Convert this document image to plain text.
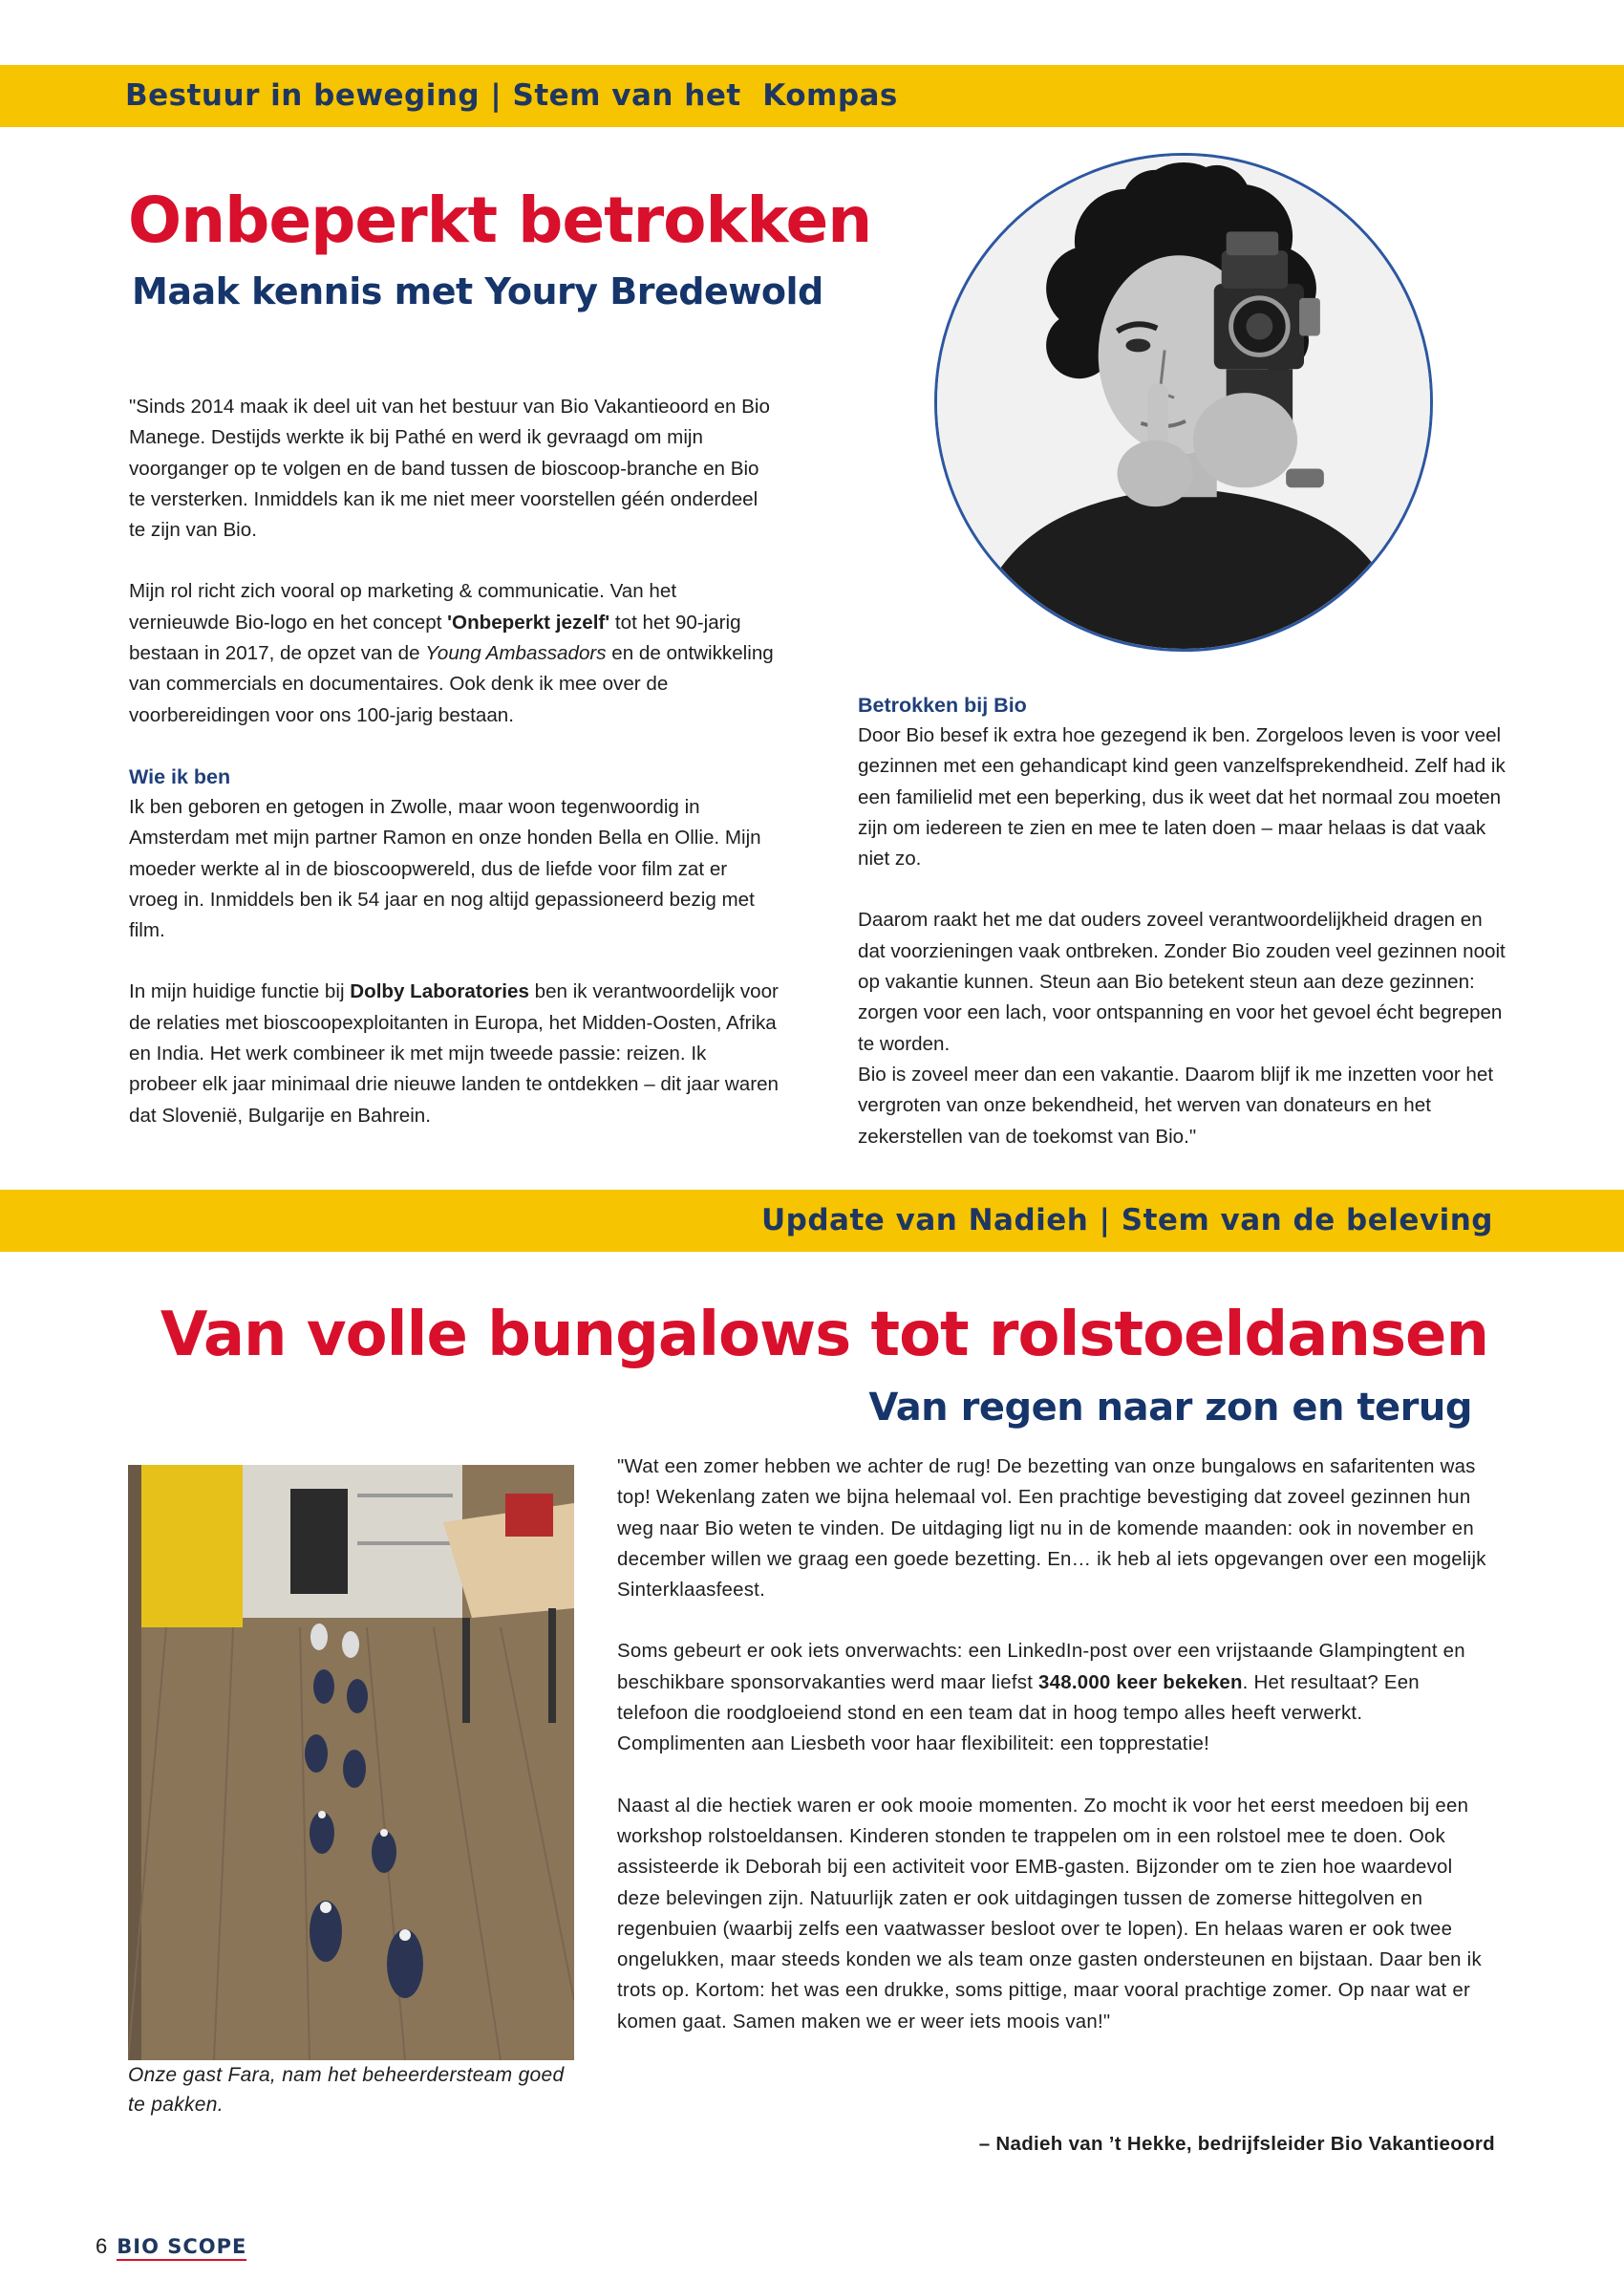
Bestuur in beweging | Stem van het  Kompas
Onbeperkt betrokken
Maak kennis met Youry Bredewold

"Sinds 2014 maak ik deel uit van het bestuur van Bio Vakantieoord en Bio Manege. Destijds werkte ik bij Pathé en werd ik gevraagd om mijn voorganger op te volgen en de band tussen de bioscoop-branche en Bio te versterken. Inmiddels kan ik me niet meer voorstellen géén onderdeel te zijn van Bio.

Mijn rol richt zich vooral op marketing & communicatie. Van het vernieuwde Bio-logo en het concept 'Onbeperkt jezelf' tot het 90-jarig bestaan in 2017, de opzet van de Young Ambassadors en de ontwikkeling van commercials en documentaires. Ook denk ik mee over de voorbereidingen voor ons 100-jarig bestaan.

Wie ik ben

Ik ben geboren en getogen in Zwolle, maar woon tegenwoordig in Amsterdam met mijn partner Ramon en onze honden Bella en Ollie. Mijn moeder werkte al in de bioscoopwereld, dus de liefde voor film zat er vroeg in. Inmiddels ben ik 54 jaar en nog altijd gepassioneerd bezig met film.

In mijn huidige functie bij Dolby Laboratories ben ik verantwoordelijk voor de relaties met bioscoopexploitanten in Europa, het Midden-Oosten, Afrika en India. Het werk combineer ik met mijn tweede passie: reizen. Ik probeer elk jaar minimaal drie nieuwe landen te ontdekken – dit jaar waren dat Slovenië, Bulgarije en Bahrein.

Betrokken bij Bio

Door Bio besef ik extra hoe gezegend ik ben. Zorgeloos leven is voor veel gezinnen met een gehandicapt kind geen vanzelfsprekendheid. Zelf had ik een familielid met een beperking, dus ik weet dat het normaal zou moeten zijn om iedereen te zien en mee te laten doen – maar helaas is dat vaak niet zo.

Daarom raakt het me dat ouders zoveel verantwoordelijkheid dragen en dat voorzieningen vaak ontbreken. Zonder Bio zouden veel gezinnen nooit op vakantie kunnen. Steun aan Bio betekent steun aan deze gezinnen: zorgen voor een lach, voor ontspanning en voor het gevoel écht begrepen te worden.

Bio is zoveel meer dan een vakantie. Daarom blijf ik me inzetten voor het vergroten van onze bekendheid, het werven van donateurs en het zekerstellen van de toekomst van Bio."

Update van Nadieh | Stem van de beleving
Van volle bungalows tot rolstoeldansen
Van regen naar zon en terug
Onze gast Fara, nam het beheerdersteam goed te pakken.

"Wat een zomer hebben we achter de rug! De bezetting van onze bungalows en safaritenten was top! Wekenlang zaten we bijna helemaal vol. Een prachtige bevestiging dat zoveel gezinnen hun weg naar Bio weten te vinden. De uitdaging ligt nu in de komende maanden: ook in november en december willen we graag een goede bezetting. En… ik heb al iets opgevangen over een mogelijk Sinterklaasfeest.

Soms gebeurt er ook iets onverwachts: een LinkedIn-post over een vrijstaande Glampingtent en beschikbare sponsorvakanties werd maar liefst 348.000 keer bekeken. Het resultaat? Een telefoon die roodgloeiend stond en een team dat in hoog tempo alles heeft verwerkt. Complimenten aan Liesbeth voor haar flexibiliteit: een topprestatie!

Naast al die hectiek waren er ook mooie momenten. Zo mocht ik voor het eerst meedoen bij een workshop rolstoeldansen. Kinderen stonden te trappelen om in een rolstoel mee te doen. Ook assisteerde ik Deborah bij een activiteit voor EMB-gasten. Bijzonder om te zien hoe waardevol deze belevingen zijn. Natuurlijk zaten er ook uitdagingen tussen de zomerse hittegolven en regenbuien (waarbij zelfs een vaatwasser besloot over te lopen). En helaas waren er ook twee ongelukken, maar steeds konden we als team onze gasten ondersteunen en bijstaan. Daar ben ik trots op. Kortom: het was een drukke, soms pittige, maar vooral prachtige zomer. Op naar wat er komen gaat. Samen maken we er weer iets moois van!"

– Nadieh van ’t Hekke, bedrijfsleider Bio Vakantieoord
6 BIO SCOPE
